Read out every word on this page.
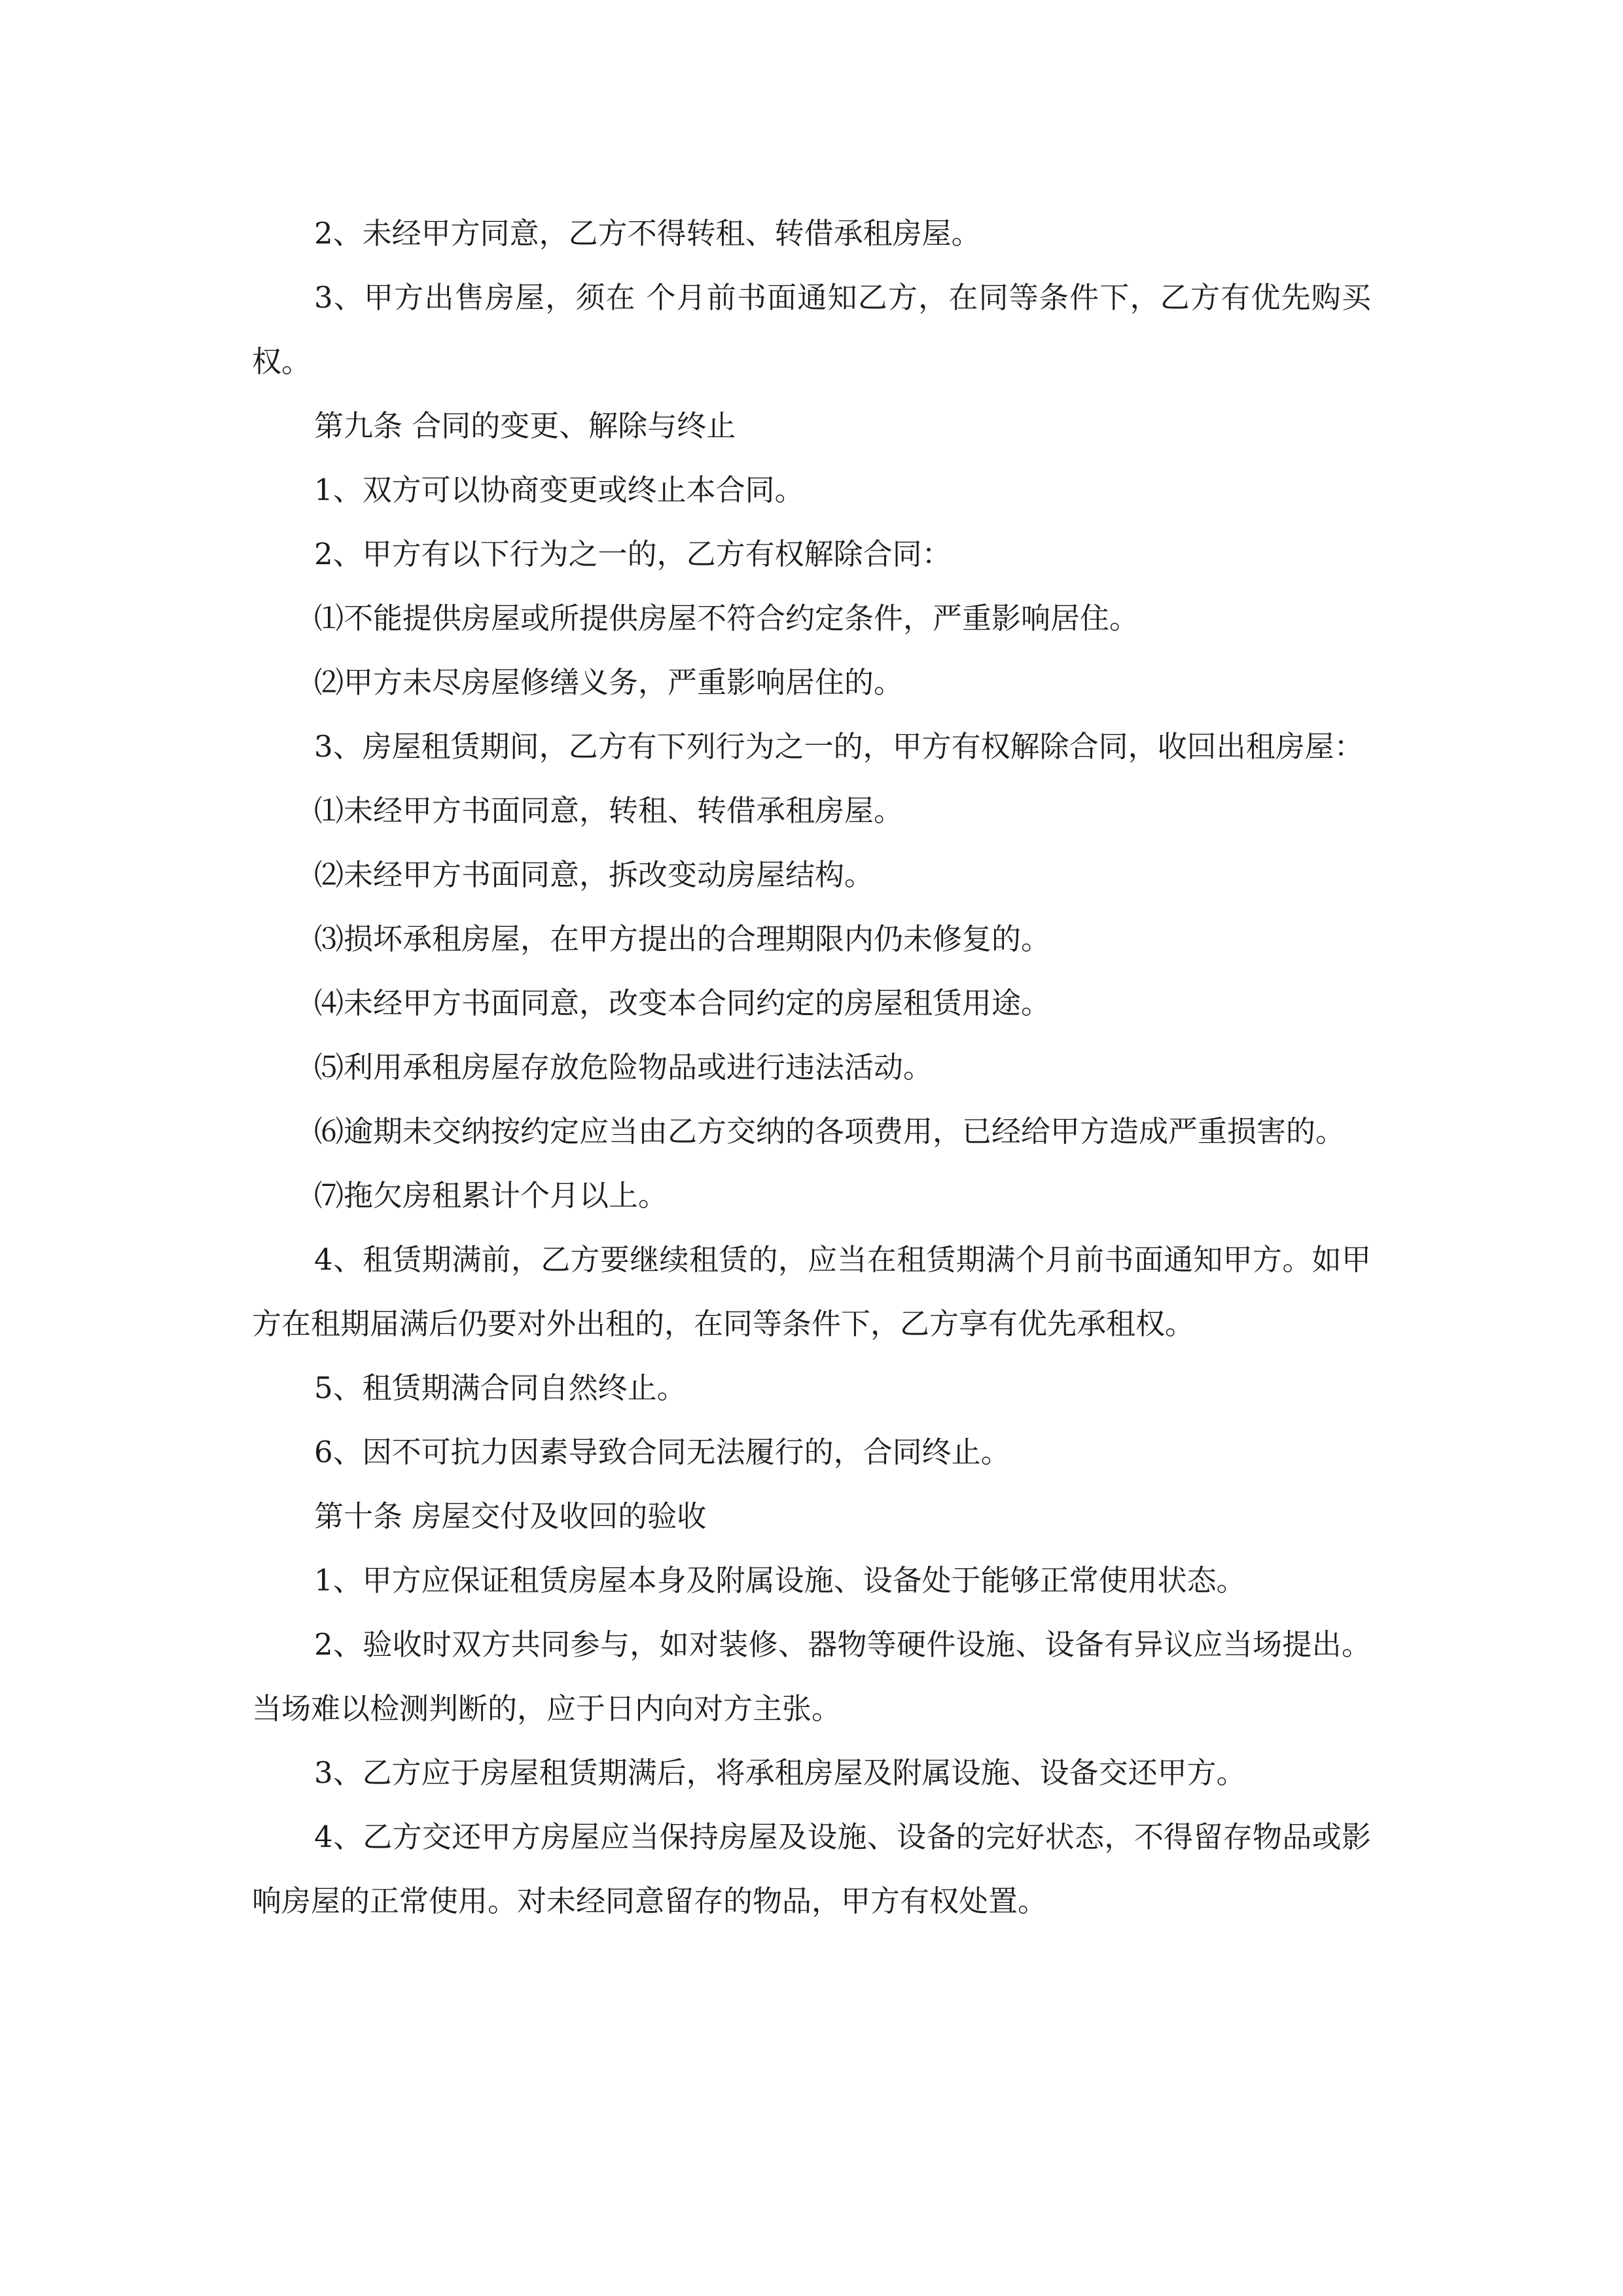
2、未经甲方同意，乙方不得转租、转借承租房屋。

3、甲方出售房屋，须在 个月前书面通知乙方，在同等条件下，乙方有优先购买权。

第九条 合同的变更、解除与终止

1、双方可以协商变更或终止本合同。

2、甲方有以下行为之一的，乙方有权解除合同：

⑴不能提供房屋或所提供房屋不符合约定条件，严重影响居住。

⑵甲方未尽房屋修缮义务，严重影响居住的。

3、房屋租赁期间，乙方有下列行为之一的，甲方有权解除合同，收回出租房屋：

⑴未经甲方书面同意，转租、转借承租房屋。

⑵未经甲方书面同意，拆改变动房屋结构。

⑶损坏承租房屋，在甲方提出的合理期限内仍未修复的。

⑷未经甲方书面同意，改变本合同约定的房屋租赁用途。

⑸利用承租房屋存放危险物品或进行违法活动。

⑹逾期未交纳按约定应当由乙方交纳的各项费用，已经给甲方造成严重损害的。

⑺拖欠房租累计个月以上。

4、租赁期满前，乙方要继续租赁的，应当在租赁期满个月前书面通知甲方。如甲方在租期届满后仍要对外出租的，在同等条件下，乙方享有优先承租权。

5、租赁期满合同自然终止。

6、因不可抗力因素导致合同无法履行的，合同终止。

第十条 房屋交付及收回的验收

1、甲方应保证租赁房屋本身及附属设施、设备处于能够正常使用状态。

2、验收时双方共同参与，如对装修、器物等硬件设施、设备有异议应当场提出。当场难以检测判断的，应于日内向对方主张。

3、乙方应于房屋租赁期满后，将承租房屋及附属设施、设备交还甲方。

4、乙方交还甲方房屋应当保持房屋及设施、设备的完好状态，不得留存物品或影响房屋的正常使用。对未经同意留存的物品，甲方有权处置。
